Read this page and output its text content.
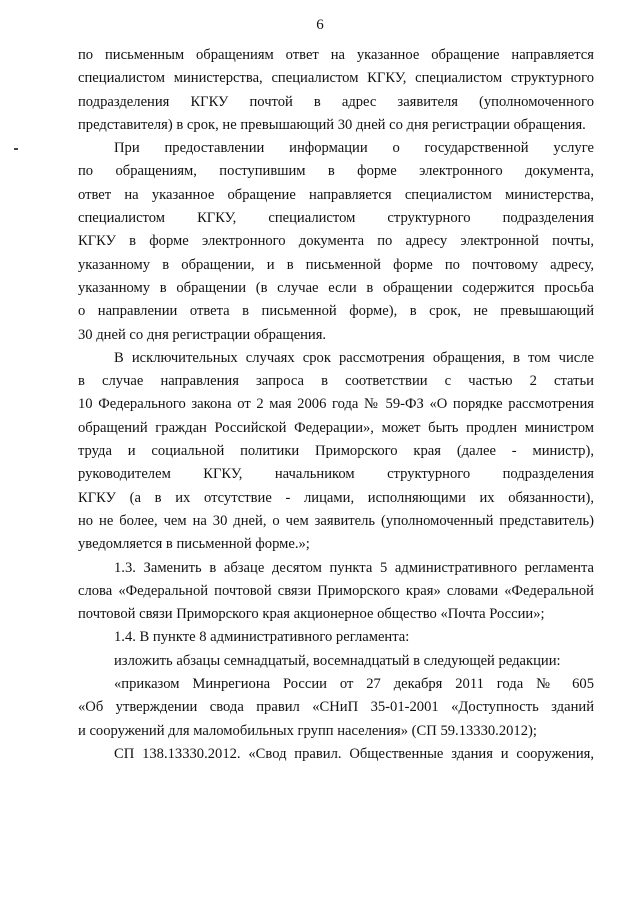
6
по письменным обращениям ответ на указанное обращение направляется
специалистом министерства, специалистом КГКУ, специалистом структурного
подразделения КГКУ почтой в адрес заявителя (уполномоченного
представителя) в срок, не превышающий 30 дней со дня регистрации обращения.
При предоставлении информации о государственной услуге
по обращениям, поступившим в форме электронного документа,
ответ на указанное обращение направляется специалистом министерства,
специалистом КГКУ, специалистом структурного подразделения
КГКУ в форме электронного документа по адресу электронной почты,
указанному в обращении, и в письменной форме по почтовому адресу,
указанному в обращении (в случае если в обращении содержится просьба
о направлении ответа в письменной форме), в срок, не превышающий
30 дней со дня регистрации обращения.
В исключительных случаях срок рассмотрения обращения, в том числе
в случае направления запроса в соответствии с частью 2 статьи
10 Федерального закона от 2 мая 2006 года № 59-ФЗ «О порядке рассмотрения
обращений граждан Российской Федерации», может быть продлен министром
труда и социальной политики Приморского края (далее - министр),
руководителем КГКУ, начальником структурного подразделения
КГКУ (а в их отсутствие - лицами, исполняющими их обязанности),
но не более, чем на 30 дней, о чем заявитель (уполномоченный представитель)
уведомляется в письменной форме.»;
1.3. Заменить в абзаце десятом пункта 5 административного регламента
слова «Федеральной почтовой связи Приморского края» словами «Федеральной
почтовой связи Приморского края акционерное общество «Почта России»;
1.4. В пункте 8 административного регламента:
изложить абзацы семнадцатый, восемнадцатый в следующей редакции:
«приказом Минрегиона России от 27 декабря 2011 года № 605
«Об утверждении свода правил «СНиП 35-01-2001 «Доступность зданий
и сооружений для маломобильных групп населения» (СП 59.13330.2012);
СП 138.13330.2012. «Свод правил. Общественные здания и сооружения,
